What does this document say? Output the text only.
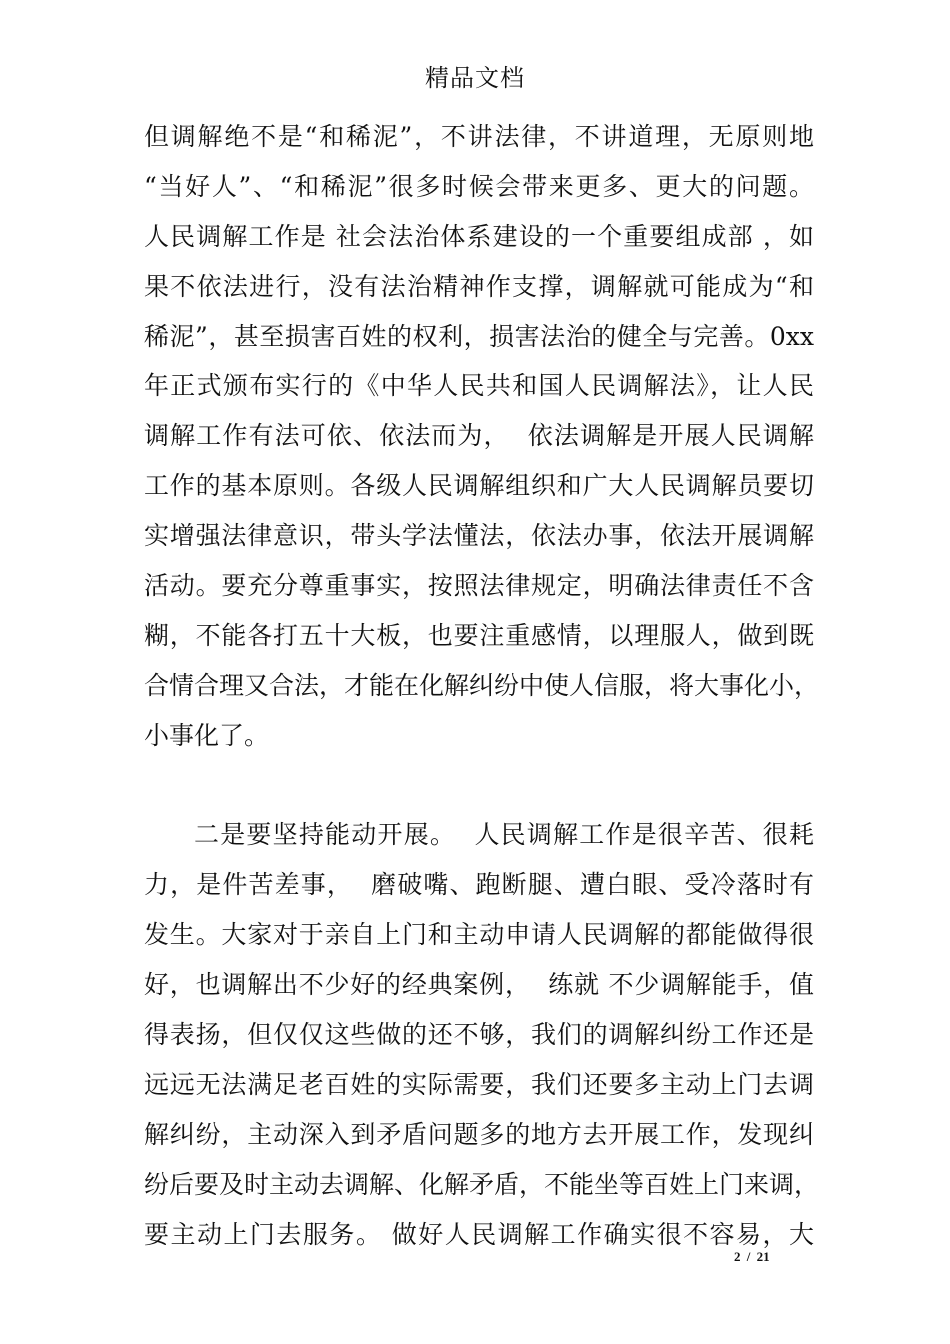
精品文档
但调解绝不是“和稀泥”，不讲法律，不讲道理，无原则地
“当好人”、“和稀泥”很多时候会带来更多、更大的问题。
人民调解工作是 社会法治体系建设的一个重要组成部 ，如
果不依法进行，没有法治精神作支撑，调解就可能成为“和
稀泥”，甚至损害百姓的权利，损害法治的健全与完善。0xx
年正式颁布实行的《中华人民共和国人民调解法》，让人民
调解工作有法可依、依法而为，  依法调解是开展人民调解
工作的基本原则。各级人民调解组织和广大人民调解员要切
实增强法律意识，带头学法懂法，依法办事，依法开展调解
活动。要充分尊重事实，按照法律规定，明确法律责任不含
糊，不能各打五十大板，也要注重感情，以理服人，做到既
合情合理又合法，才能在化解纠纷中使人信服，将大事化小，
小事化了。
二是要坚持能动开展。  人民调解工作是很辛苦、很耗
力，是件苦差事，  磨破嘴、跑断腿、遭白眼、受冷落时有
发生。大家对于亲自上门和主动申请人民调解的都能做得很
好，也调解出不少好的经典案例，  练就 不少调解能手，值
得表扬，但仅仅这些做的还不够，我们的调解纠纷工作还是
远远无法满足老百姓的实际需要，我们还要多主动上门去调
解纠纷，主动深入到矛盾问题多的地方去开展工作，发现纠
纷后要及时主动去调解、化解矛盾，不能坐等百姓上门来调，
要主动上门去服务。 做好人民调解工作确实很不容易，大
2 / 21
